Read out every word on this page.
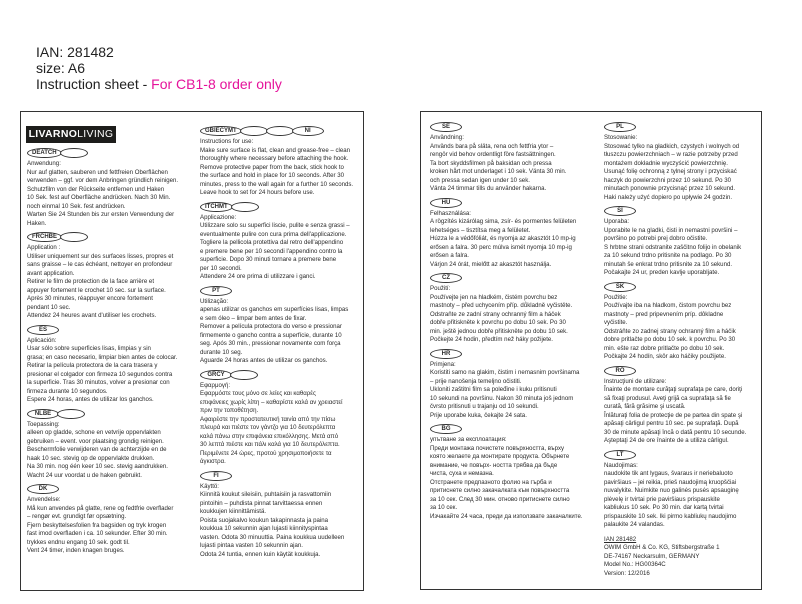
IAN: 281482
size: A6
Instruction sheet - For CB1-8 order only
LIVARNOLIVING
DEATCH
Anwendung:
Nur auf glatten, sauberen und fettfreien Oberflächen
verwenden – ggf. vor dem Anbringen gründlich reinigen.
Schutzfilm von der Rückseite entfernen und Haken
10 Sek. fest auf Oberfläche andrücken. Nach 30 Min.
noch einmal 10 Sek. fest andrücken.
Warten Sie 24 Stunden bis zur ersten Verwendung der
Haken.
FRCHBE
Application :
Utiliser uniquement sur des surfaces lisses, propres et
sans graisse – le cas échéant, nettoyer en profondeur
avant application.
Retirer le film de protection de la face arrière et
appuyer fortement le crochet 10 sec. sur la surface.
Après 30 minutes, réappuyer encore fortement
pendant 10 sec.
Attendez 24 heures avant d'utiliser les crochets.
ES
Aplicación:
Usar sólo sobre superficies lisas, limpias y sin
grasa; en caso necesario, limpiar bien antes de colocar.
Retirar la película protectora de la cara trasera y
presionar el colgador con firmeza 10 segundos contra
la superficie. Tras 30 minutos, volver a presionar con
firmeza durante 10 segundos.
Espere 24 horas, antes de utilizar los ganchos.
NLBE
Toepassing:
alleen op gladde, schone en vetvrije oppervlakten
gebruiken – event. voor plaatsing grondig reinigen.
Beschermfolie verwijderen van de achterzijde en de
haak 10 sec. stevig op de oppervlakte drukken.
Na 30 min. nog één keer 10 sec. stevig aandrukken.
Wacht 24 uur voordat u de haken gebruikt.
DK
Anvendelse:
Må kun anvendes på glatte, rene og fedtfrie overflader
– rengør evt. grundigt før opsætning.
Fjern beskyttelsesfolien fra bagsiden og tryk krogen
fast imod overfladen i ca. 10 sekunder. Efter 30 min.
trykkes endnu engang 10 sek. godt til.
Vent 24 timer, inden knagen bruges.
GBIECYMT	NI
Instructions for use:
Make sure surface is flat, clean and grease-free – clean
thoroughly where necessary before attaching the hook.
Remove protective paper from the back, stick hook to
the surface and hold in place for 10 seconds. After 30
minutes, press to the wall again for a further 10 seconds.
Leave hook to set for 24 hours before use.
ITCHMT
Applicazione:
Utilizzare solo su superfici liscie, pulite e senza grassi –
eventualmente pulire con cura prima dell'applicazione.
Togliere la pellicola protettiva dal retro dell'appendino
e premere bene per 10 secondi l'appendino contro la
superficie. Dopo 30 minuti tornare a premere bene
per 10 secondi.
Attendere 24 ore prima di utilizzare i ganci.
PT
Utilização:
apenas utilizar os ganchos em superfícies lisas, limpas
e sem óleo – limpar bem antes de fixar.
Remover a película protectora do verso e pressionar
firmemente o gancho contra a superfície, durante 10
seg. Após 30 min., pressionar novamente com força
durante 10 seg.
Aguarde 24 horas antes de utilizar os ganchos.
GRCY
Εφαρμογή:
Εφαρμόστε τους μόνο σε λείες και καθαρές
επιφάνειες χωρίς λίπη – καθαρίστε καλά αν χρειαστεί
πριν την τοποθέτηση.
Αφαιρέστε την προστατευτική ταινία από την πίσω
πλευρά και πιέστε τον γάντζο για 10 δευτερόλεπτα
καλά πάνω στην επιφάνεια επικόλλησης. Μετά από
30 λεπτά πιέστε και πάλι καλά για 10 δευτερόλεπτα.
Περιμένετε 24 ώρες, προτού χρησιμοποιήσετε τα
άγκιστρα.
FI
Käyttö:
Kiinnitä koukut sileisiin, puhtaisiin ja rasvattomiin
pintoihin – puhdista pinnat tarvittaessa ennen
koukkujen kiinnittämistä.
Poista suojakalvo koukun takapinnasta ja paina
koukkua 10 sekunnin ajan lujasti kiinnityspintaa
vasten. Odota 30 minuuttia. Paina koukkua uudelleen
lujasti pintaa vasten 10 sekunnin ajan.
Odota 24 tuntia, ennen kuin käytät koukkuja.
SE
Användning:
Används bara på släta, rena och fettfria ytor –
rengör vid behov ordentligt före fastsättningen.
Ta bort skyddsfilmen på baksidan och pressa
kroken hårt mot underlaget i 10 sek. Vänta 30 min.
och pressa sedan igen under 10 sek.
Vänta 24 timmar tills du använder hakarna.
HU
Felhasználása:
A rögzítés kizárólag sima, zsír- és pormentes felületen
lehetséges – tisztítsa meg a felületet.
Húzza le a védőfóliát, és nyomja az akasztót 10 mp-ig
erősen a falra. 30 perc múlva ismét nyomja 10 mp-ig
erősen a falra.
Várjon 24 órát, mielőtt az akasztót használja.
CZ
Použití:
Používejte jen na hladkém, čistém povrchu bez
mastnoty – před uchycením příp. důkladně vyčistěte.
Odstraňte ze zadní strany ochranný film a háček
dobře přitiskněte k povrchu po dobu 10 sek. Po 30
min. ještě jednou dobře přitiskněte po dobu 10 sek.
Počkejte 24 hodin, předtím než háky požijete.
HR
Primjena:
Koristiti samo na glakim, čistim i nemasnim površinama
– prije nanošenja temeljno očistiti.
Ukloniti zaštitni film sa poleđine i kuku pritisnuti
10 sekundi na površinu. Nakon 30 minuta još jednom
čvrsto pritisnuti u trajanju od 10 sekundi.
Prije uporabe kuka, čekajte 24 sata.
BG
упътване за експлоатация:
Преди монтажа почистете повърхността, върху
която желаете да монтирате продукта. Обърнете
внимание, че повърх- ността трябва да бъде
чиста, суха и немазна.
Отстранете предпазното фолио на гърба и
притиснете силно закачалката към повърхността
за 10 сек. След 30 мин. отново притиснете силно
за 10 сек.
Изчакайте 24 часа, преди да използвате закачалките.
PL
Stosowanie:
Stosować tylko na gładkich, czystych i wolnych od
tłuszczu powierzchniach – w razie potrzeby przed
montażem dokładnie wyczyścić powierzchnię.
Usunąć folię ochronną z tylnej strony i przyciskać
haczyk do powierzchni przez 10 sekund. Po 30
minutach ponownie przycisnąć przez 10 sekund.
Haki należy użyć dopiero po upływie 24 godzin.
SI
Uporaba:
Uporabite le na gladki, čisti in nemastni površini –
površino po potrebi prej dobro očistite.
S hrbtne strani odstranite zaščitno folijo in obelanik
za 10 sekund trdno pritisnite na podlago. Po 30
minutah še enkrat trdno pritisnite za 10 sekund.
Počakajte 24 ur, preden kavlje uporabljate.
SK
Použitie:
Používajte iba na hladkom, čistom povrchu bez
mastnoty – pred pripevnením príp. dôkladne
vyčistite.
Odstráňte zo zadnej strany ochranný film a háčik
dobre pritlačte po dobu 10 sek. k povrchu. Po 30
min. ešte raz dobre pritlačte po dobu 10 sek.
Počkajte 24 hodín, skôr ako háčiky použijete.
RO
Instrucţiuni de utilizare:
Înainte de montare curăţaţi suprafaţa pe care, doriţi
să fixaţi produsul. Aveţi grijă ca suprafaţa să fie
curată, fără grăsime şi uscată.
Înlăturaţi folia de protecţie de pe partea din spate şi
apăsaţi cârligul pentru 10 sec. pe suprafaţă. După
30 de minute apăsaţi încă o dată pentru 10 secunde.
Aşteptaţi 24 de ore înainte de a utiliza cârligul.
LT
Naudojimas:
naudokite tik ant lygaus, švaraus ir neriebaluoto
paviršiaus – jei reikia, prieš naudojimą kruopščiai
nuvalykite. Nuimkite nuo galinės pusės apsauginę
plėvelę ir tvirtai prie paviršiaus prispauskite
kabliukus 10 sek. Po 30 min. dar kartą tvirtai
prispauskite 10 sek. Iki pirmo kabliukų naudojimo
palaukite 24 valandas.
IAN 281482
OWIM GmbH & Co. KG, Stiftsbergstraße 1
DE-74167 Neckarsulm, GERMANY
Model No.: HG00364C
Version: 12/2016
